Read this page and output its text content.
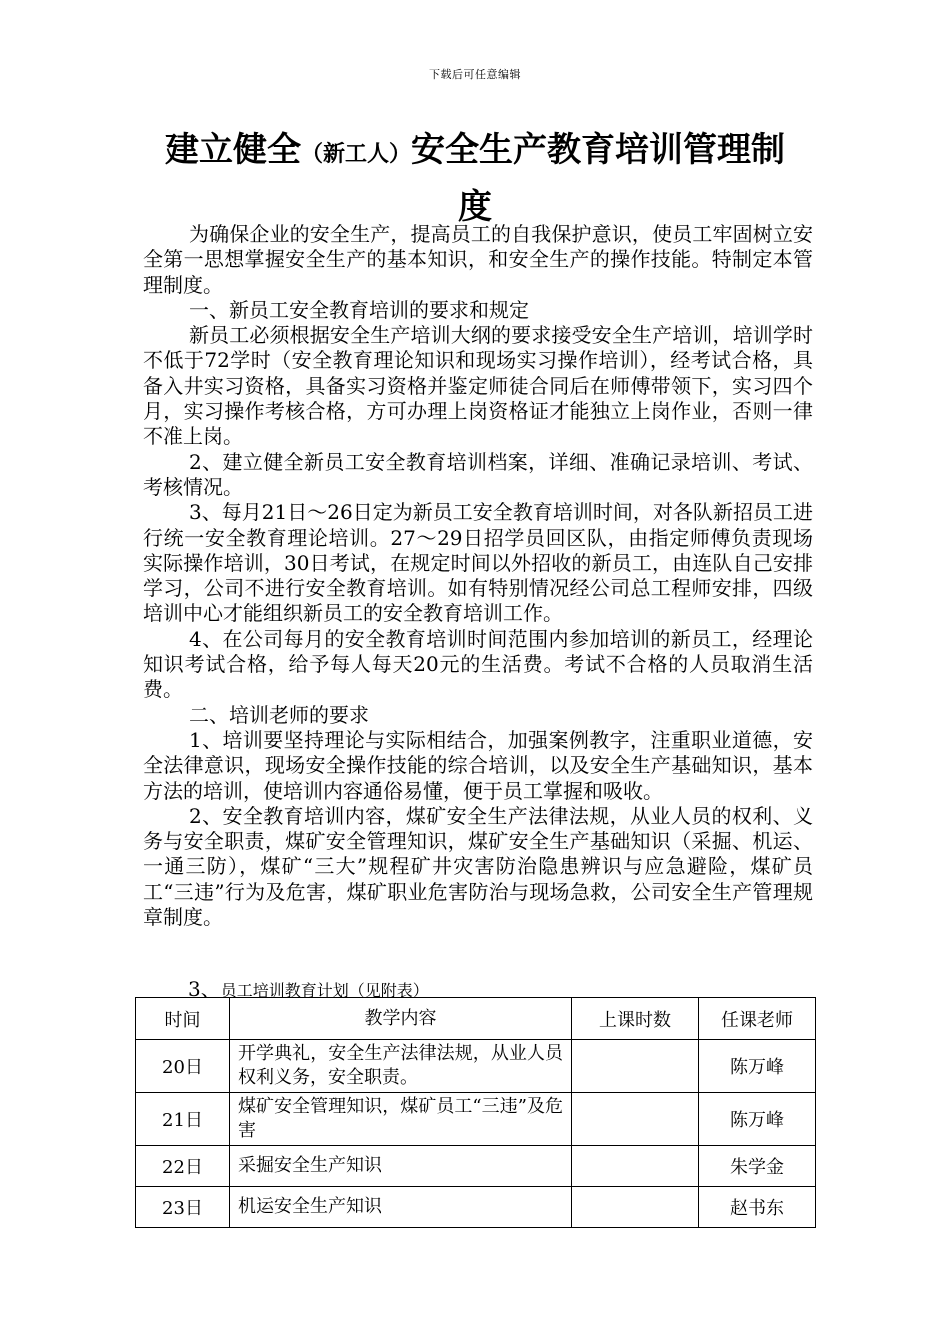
下载后可任意编辑
建立健全（新工人）安全生产教育培训管理制度

为确保企业的安全生产，提高员工的自我保护意识，使员工牢固树立安全第一思想掌握安全生产的基本知识，和安全生产的操作技能。特制定本管理制度。

一、新员工安全教育培训的要求和规定

新员工必须根据安全生产培训大纲的要求接受安全生产培训，培训学时不低于72学时（安全教育理论知识和现场实习操作培训），经考试合格，具备入井实习资格，具备实习资格并鉴定师徒合同后在师傅带领下，实习四个月，实习操作考核合格，方可办理上岗资格证才能独立上岗作业，否则一律不准上岗。

2、建立健全新员工安全教育培训档案，详细、准确记录培训、考试、考核情况。

3、每月21日～26日定为新员工安全教育培训时间，对各队新招员工进行统一安全教育理论培训。27～29日招学员回区队，由指定师傅负责现场实际操作培训，30日考试，在规定时间以外招收的新员工，由连队自己安排学习，公司不进行安全教育培训。如有特别情况经公司总工程师安排，四级培训中心才能组织新员工的安全教育培训工作。

4、在公司每月的安全教育培训时间范围内参加培训的新员工，经理论知识考试合格，给予每人每天20元的生活费。考试不合格的人员取消生活费。

二、培训老师的要求

1、培训要坚持理论与实际相结合，加强案例教字，注重职业道德，安全法律意识，现场安全操作技能的综合培训，以及安全生产基础知识，基本方法的培训，使培训内容通俗易懂，便于员工掌握和吸收。

2、安全教育培训内容，煤矿安全生产法律法规，从业人员的权利、义务与安全职责，煤矿安全管理知识，煤矿安全生产基础知识（采掘、机运、一通三防），煤矿“三大”规程矿井灾害防治隐患辨识与应急避险，煤矿员工“三违”行为及危害，煤矿职业危害防治与现场急救，公司安全生产管理规章制度。

3、员工培训教育计划（见附表）
时间	教学内容	上课时数	任课老师
20日	开学典礼，安全生产法律法规，从业人员权利义务，安全职责。		陈万峰
21日	煤矿安全管理知识，煤矿员工“三违”及危害		陈万峰
22日	采掘安全生产知识		朱学金
23日	机运安全生产知识		赵书东
